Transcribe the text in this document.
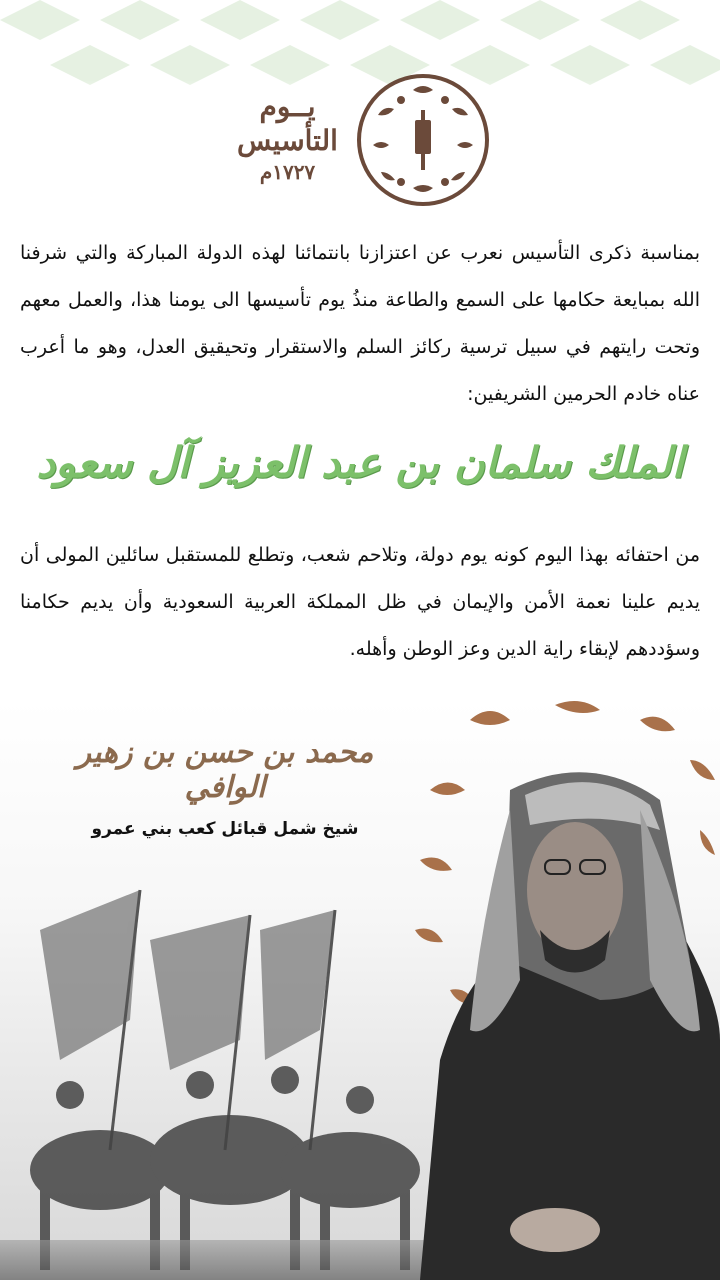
يــوم
التأسيس
١٧٢٧م
بمناسبة ذكرى التأسيس نعرب عن اعتزازنا بانتمائنا لهذه الدولة المباركة والتي شرفنا الله بمبايعة حكامها على السمع والطاعة منذُ يوم تأسيسها الى يومنا هذا، والعمل معهم وتحت رايتهم في سبيل ترسية ركائز السلم والاستقرار وتحيقيق العدل، وهو ما أعرب عناه خادم الحرمين الشريفين:
الملك سلمان بن عبد العزيز آل سعود
من احتفائه بهذا اليوم كونه يوم دولة، وتلاحم شعب، وتطلع للمستقبل سائلين المولى أن يديم علينا نعمة الأمن والإيمان في ظل المملكة العربية السعودية وأن يديم حكامنا وسؤددهم لإبقاء راية الدين وعز الوطن وأهله.
محمد بن حسن بن زهير الوافي
شيخ شمل قبائل كعب بني عمرو
